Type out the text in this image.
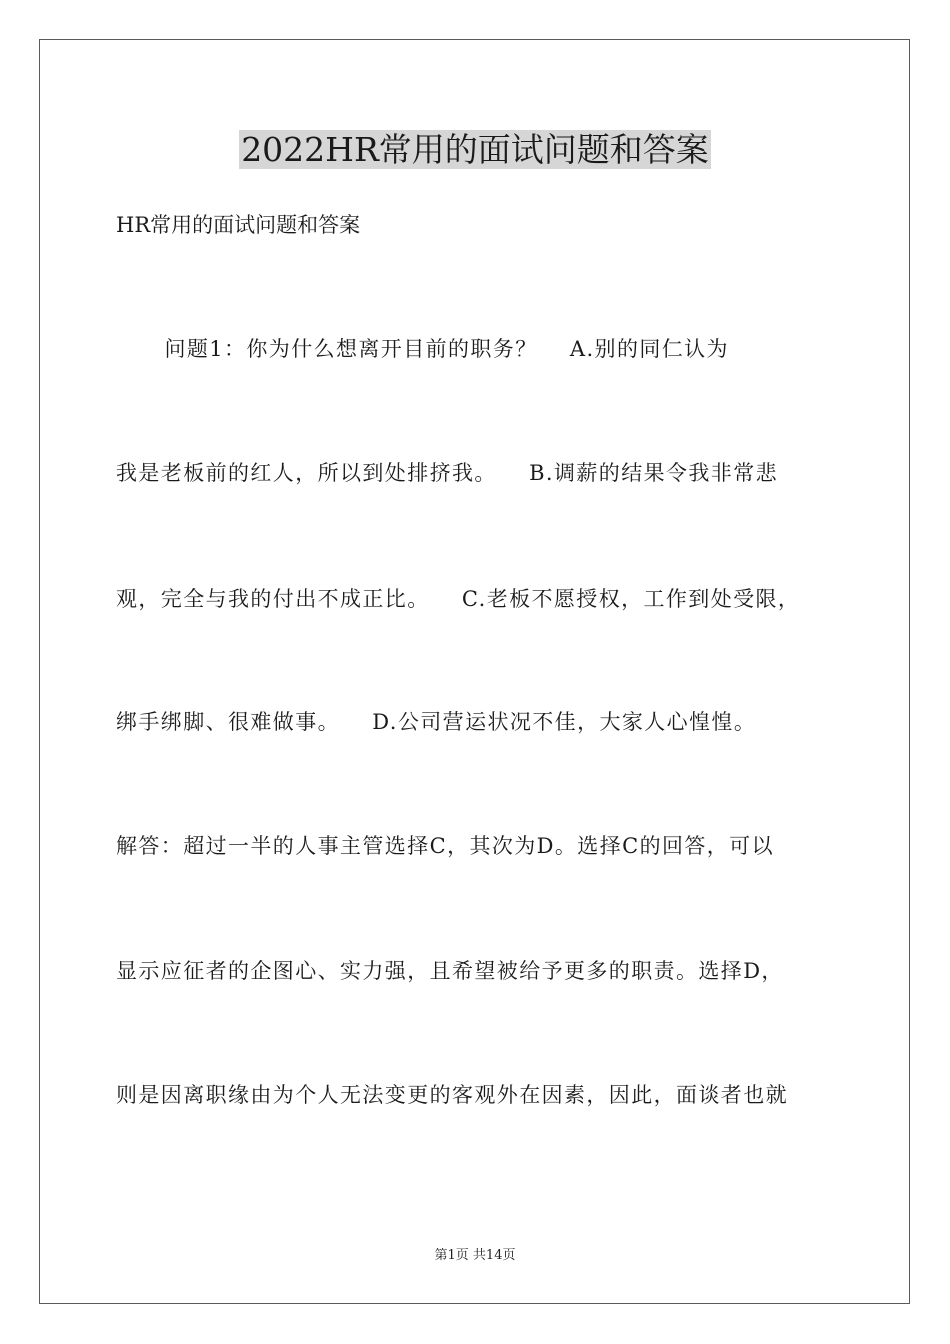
2022HR常用的面试问题和答案

HR常用的面试问题和答案

问题1：你为什么想离开目前的职务？    A.别的同仁认为

我是老板前的红人，所以到处排挤我。    B.调薪的结果令我非常悲

观，完全与我的付出不成正比。    C.老板不愿授权，工作到处受限，

绑手绑脚、很难做事。    D.公司营运状况不佳，大家人心惶惶。

解答：超过一半的人事主管选择C，其次为D。选择C的回答，可以

显示应征者的企图心、实力强，且希望被给予更多的职责。选择D，

则是因离职缘由为个人无法变更的客观外在因素，因此，面谈者也就

第1页 共14页
